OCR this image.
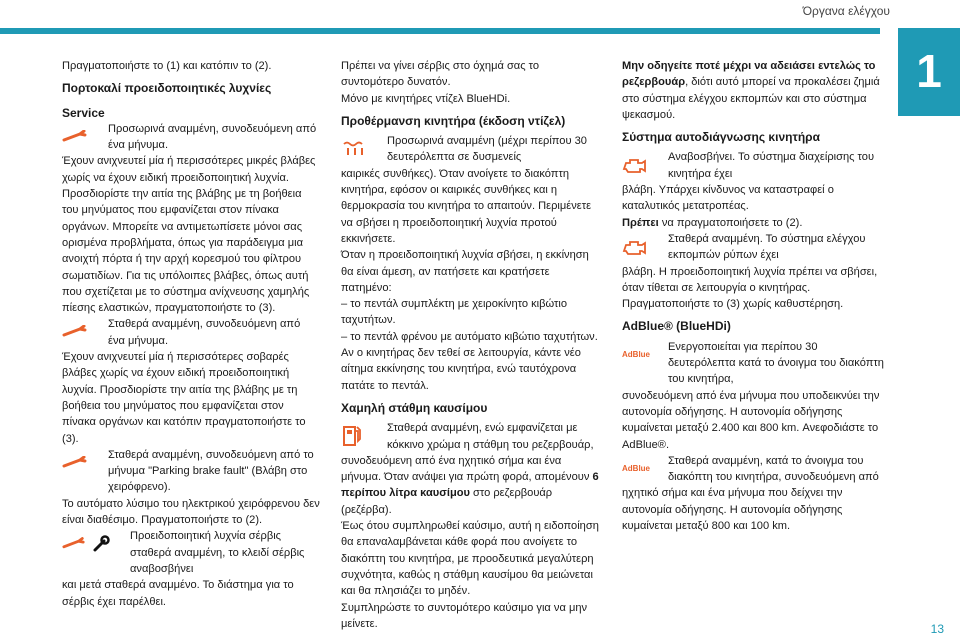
Όργανα ελέγχου
1
13

Πραγματοποιήστε το (1) και κατόπιν το (2).

Πορτοκαλί προειδοποιητικές λυχνίες

Service

Προσωρινά αναμμένη, συνοδευόμενη από ένα μήνυμα.

Έχουν ανιχνευτεί μία ή περισσότερες μικρές βλάβες χωρίς να έχουν ειδική προειδοποιητική λυχνία. Προσδιορίστε την αιτία της βλάβης με τη βοήθεια του μηνύματος που εμφανίζεται στον πίνακα οργάνων. Μπορείτε να αντιμετωπίσετε μόνοι σας ορισμένα προβλήματα, όπως για παράδειγμα μια ανοιχτή πόρτα ή την αρχή κορεσμού του φίλτρου σωματιδίων. Για τις υπόλοιπες βλάβες, όπως αυτή που σχετίζεται με το σύστημα ανίχνευσης χαμηλής πίεσης ελαστικών, πραγματοποιήστε το (3).

Σταθερά αναμμένη, συνοδευόμενη από ένα μήνυμα.

Έχουν ανιχνευτεί μία ή περισσότερες σοβαρές βλάβες χωρίς να έχουν ειδική προειδοποιητική λυχνία. Προσδιορίστε την αιτία της βλάβης με τη βοήθεια του μηνύματος που εμφανίζεται στον πίνακα οργάνων και κατόπιν πραγματοποιήστε το (3).

Σταθερά αναμμένη, συνοδευόμενη από το μήνυμα "Parking brake fault" (Βλάβη στο χειρόφρενο).

Το αυτόματο λύσιμο του ηλεκτρικού χειρόφρενου δεν είναι διαθέσιμο. Πραγματοποιήστε το (2).

Προειδοποιητική λυχνία σέρβις σταθερά αναμμένη, το κλειδί σέρβις αναβοσβήνει

και μετά σταθερά αναμμένο. Το διάστημα για το σέρβις έχει παρέλθει.

Πρέπει να γίνει σέρβις στο όχημά σας το συντομότερο δυνατόν.

Μόνο με κινητήρες ντίζελ BlueHDi.

Προθέρμανση κινητήρα (έκδοση ντίζελ)

Προσωρινά αναμμένη (μέχρι περίπου 30 δευτερόλεπτα σε δυσμενείς

καιρικές συνθήκες). Όταν ανοίγετε το διακόπτη κινητήρα, εφόσον οι καιρικές συνθήκες και η θερμοκρασία του κινητήρα το απαιτούν. Περιμένετε να σβήσει η προειδοποιητική λυχνία προτού εκκινήσετε.

Όταν η προειδοποιητική λυχνία σβήσει, η εκκίνηση θα είναι άμεση, αν πατήσετε και κρατήσετε πατημένο:

– το πεντάλ συμπλέκτη με χειροκίνητο κιβώτιο ταχυτήτων.

– το πεντάλ φρένου με αυτόματο κιβώτιο ταχυτήτων.

Αν ο κινητήρας δεν τεθεί σε λειτουργία, κάντε νέο αίτημα εκκίνησης του κινητήρα, ενώ ταυτόχρονα πατάτε το πεντάλ.

Χαμηλή στάθμη καυσίμου

Σταθερά αναμμένη, ενώ εμφανίζεται με κόκκινο χρώμα η στάθμη του ρεζερβουάρ,

συνοδευόμενη από ένα ηχητικό σήμα και ένα μήνυμα. Όταν ανάψει για πρώτη φορά, απομένουν 6 περίπου λίτρα καυσίμου στο ρεζερβουάρ (ρεζέρβα).

Έως ότου συμπληρωθεί καύσιμο, αυτή η ειδοποίηση θα επαναλαμβάνεται κάθε φορά που ανοίγετε το διακόπτη του κινητήρα, με προοδευτικά μεγαλύτερη συχνότητα, καθώς η στάθμη καυσίμου θα μειώνεται και θα πλησιάζει το μηδέν.

Συμπληρώστε το συντομότερο καύσιμο για να μην μείνετε.

Μην οδηγείτε ποτέ μέχρι να αδειάσει εντελώς το ρεζερβουάρ, διότι αυτό μπορεί να προκαλέσει ζημιά στο σύστημα ελέγχου εκπομπών και στο σύστημα ψεκασμού.

Σύστημα αυτοδιάγνωσης κινητήρα

Αναβοσβήνει. Το σύστημα διαχείρισης του κινητήρα έχει

βλάβη. Υπάρχει κίνδυνος να καταστραφεί ο καταλυτικός μετατροπέας.

Πρέπει να πραγματοποιήσετε το (2).

Σταθερά αναμμένη. Το σύστημα ελέγχου εκπομπών ρύπων έχει

βλάβη. Η προειδοποιητική λυχνία πρέπει να σβήσει, όταν τίθεται σε λειτουργία ο κινητήρας. Πραγματοποιήστε το (3) χωρίς καθυστέρηση.

AdBlue® (BlueHDi)

AdBlue

Ενεργοποιείται για περίπου 30 δευτερόλεπτα κατά το άνοιγμα του διακόπτη του κινητήρα,

συνοδευόμενη από ένα μήνυμα που υποδεικνύει την αυτονομία οδήγησης. Η αυτονομία οδήγησης κυμαίνεται μεταξύ 2.400 και 800 km. Ανεφοδιάστε το AdBlue®.

AdBlue

Σταθερά αναμμένη, κατά το άνοιγμα του διακόπτη του κινητήρα, συνοδευόμενη από

ηχητικό σήμα και ένα μήνυμα που δείχνει την αυτονομία οδήγησης. Η αυτονομία οδήγησης κυμαίνεται μεταξύ 800 και 100 km.
